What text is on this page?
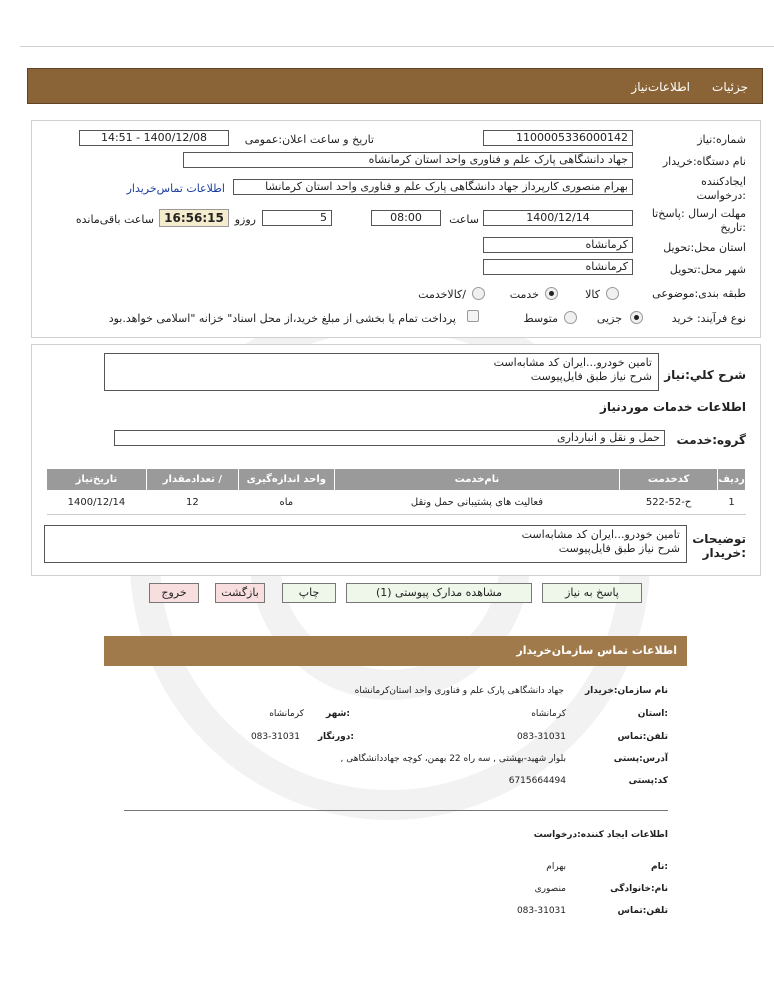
جزئیات
اطلاعات‌نیاز
شماره:نیاز
1100005336000142
تاریخ و ساعت اعلان:عمومی
1400/12/08 - 14:51
نام دستگاه:خریدار
جهاد دانشگاهی پارک علم و فناوری واحد استان کرمانشاه
ایجادکننده
:درخواست
بهرام منصوری کارپرداز جهاد دانشگاهی پارک علم و فناوری واحد استان کرمانشا
اطلاعات تماس‌خریدار
مهلت ارسال :پاسخ‌تا
:تاریخ
1400/12/14
ساعت
08:00
5
روزو
16:56:15
ساعت باقی‌مانده
استان محل:تحویل
کرمانشاه
شهر محل:تحویل
کرمانشاه
طبقه بندی:موضوعی
کالا
خدمت
/کالاخدمت
نوع فرآیند: خرید
جزیی
متوسط
پرداخت تمام یا بخشی از مبلغ خرید،از محل اسناد" خزانه "اسلامی خواهد.بود
شرح کلي:نیاز
تامین خودرو...ایران کد مشابه‌است
شرح نیاز طبق فایل‌پیوست
اطلاعات خدمات موردنیاز
گروه:خدمت
حمل و نقل و انبارداری
ردیف	کدخدمت	نام‌خدمت	واحد اندازه‌گیری	/ تعدادمقدار	تاریخ‌نیاز
1	ح-52-522	فعالیت های پشتیبانی حمل ونقل	ماه	12	1400/12/14
توضیحات
:خریدار
تامین خودرو...ایران کد مشابه‌است
شرح نیاز طبق فایل‌پیوست
پاسخ به نیاز
مشاهده مدارک پیوستی (1)
چاپ
بازگشت
خروج
اطلاعات تماس سازمان‌خریدار
نام سازمان:خریدار
جهاد دانشگاهی پارک علم و فناوری واحد استان‌کرمانشاه
:استان
کرمانشاه
:شهر
کرمانشاه
تلفن:تماس
083-31031
:دورنگار
083-31031
آدرس:پستی
بلوار شهید-بهشتی , سه راه 22 بهمن، کوچه جهاددانشگاهی ,
کد:پستی
6715664494
اطلاعات ایجاد کننده:درخواست
:نام
بهرام
نام:خانوادگی
منصوری
تلفن:تماس
083-31031
